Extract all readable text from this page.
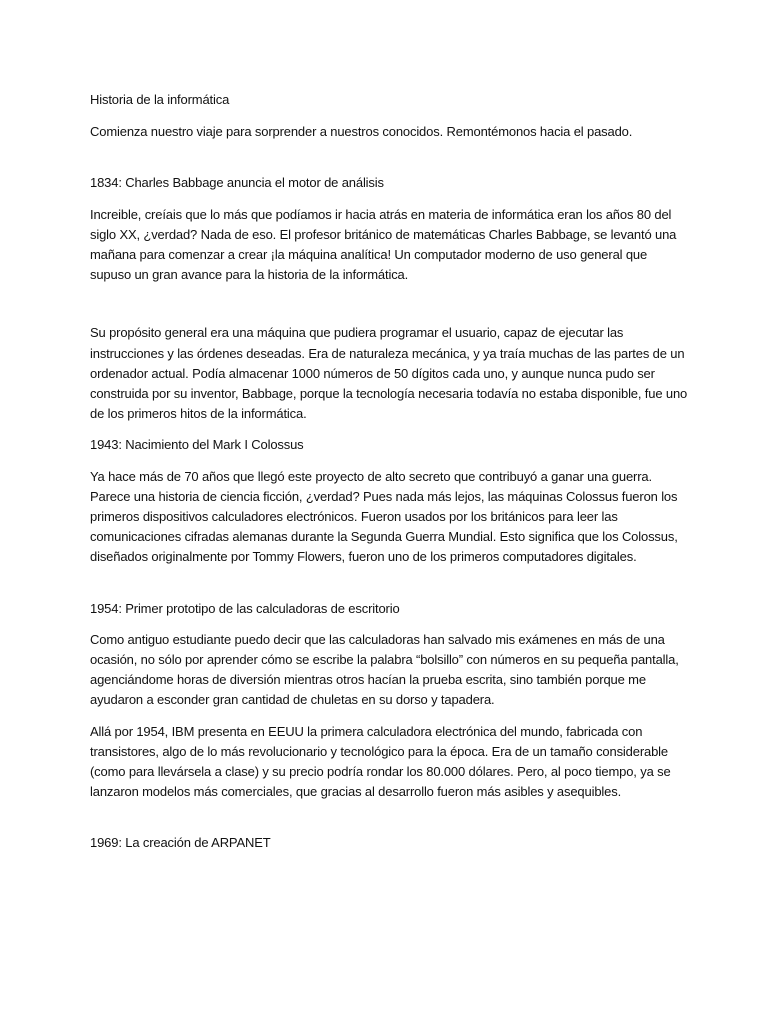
Historia de la informática

Comienza nuestro viaje para sorprender a nuestros conocidos. Remontémonos hacia el pasado.

1834: Charles Babbage anuncia el motor de análisis

Increible, creíais que lo más que podíamos ir hacia atrás en materia de informática eran los años 80 del siglo XX, ¿verdad? Nada de eso. El profesor británico de matemáticas Charles Babbage, se levantó una mañana para comenzar a crear ¡la máquina analítica! Un computador moderno de uso general que supuso un gran avance para la historia de la informática.

Su propósito general era una máquina que pudiera programar el usuario, capaz de ejecutar las instrucciones y las órdenes deseadas. Era de naturaleza mecánica, y ya traía muchas de las partes de un ordenador actual. Podía almacenar 1000 números de 50 dígitos cada uno, y aunque nunca pudo ser construida por su inventor, Babbage, porque la tecnología necesaria todavía no estaba disponible, fue uno de los primeros hitos de la informática.

1943: Nacimiento del Mark I Colossus

Ya hace más de 70 años que llegó este proyecto de alto secreto que contribuyó a ganar una guerra. Parece una historia de ciencia ficción, ¿verdad? Pues nada más lejos, las máquinas Colossus fueron los primeros dispositivos calculadores electrónicos. Fueron usados por los británicos para leer las comunicaciones cifradas alemanas durante la Segunda Guerra Mundial. Esto significa que los Colossus, diseñados originalmente por Tommy Flowers, fueron uno de los primeros computadores digitales.

1954: Primer prototipo de las calculadoras de escritorio

Como antiguo estudiante puedo decir que las calculadoras han salvado mis exámenes en más de una ocasión, no sólo por aprender cómo se escribe la palabra “bolsillo” con números en su pequeña pantalla, agenciándome horas de diversión mientras otros hacían la prueba escrita, sino también porque me ayudaron a esconder gran cantidad de chuletas en su dorso y tapadera.

Allá por 1954, IBM presenta en EEUU la primera calculadora electrónica del mundo, fabricada con transistores, algo de lo más revolucionario y tecnológico para la época. Era de un tamaño considerable (como para llevársela a clase) y su precio podría rondar los 80.000 dólares. Pero, al poco tiempo, ya se lanzaron modelos más comerciales, que gracias al desarrollo fueron más asibles y asequibles.

1969: La creación de ARPANET
